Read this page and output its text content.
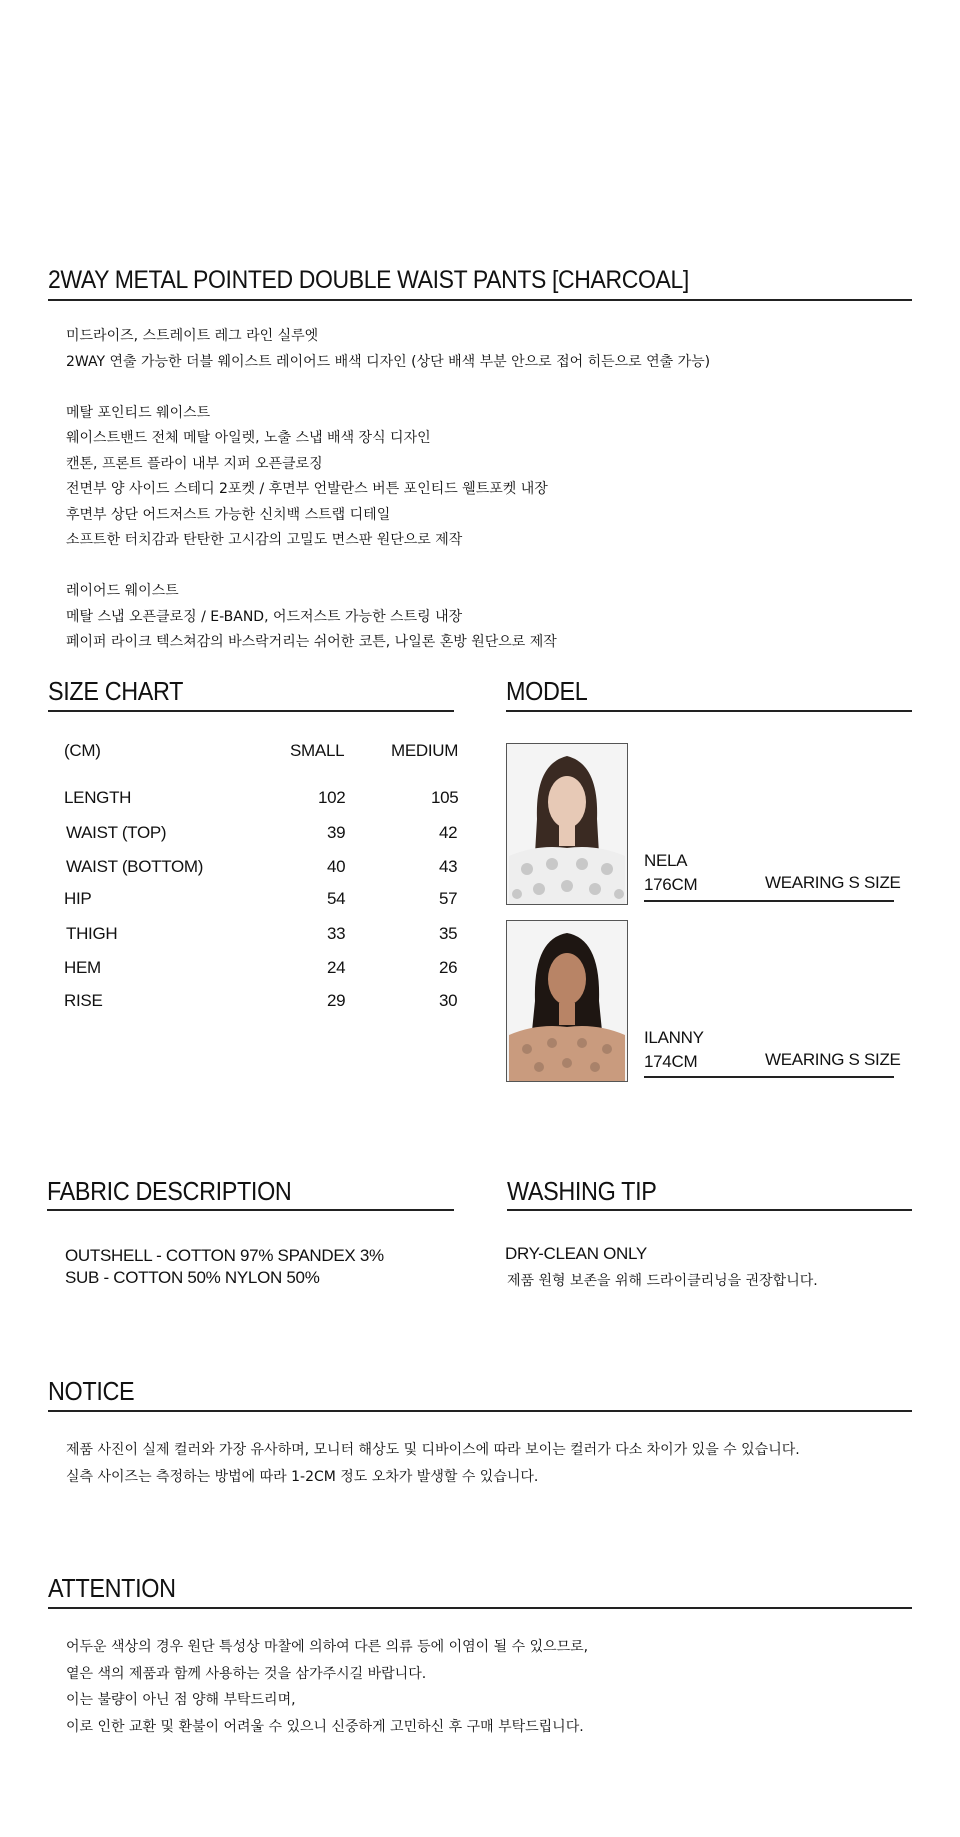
2WAY METAL POINTED DOUBLE WAIST PANTS [CHARCOAL]
미드라이즈, 스트레이트 레그 라인 실루엣
2WAY 연출 가능한 더블 웨이스트 레이어드 배색 디자인 (상단 배색 부분 안으로 접어 히든으로 연출 가능)
메탈 포인티드 웨이스트
웨이스트밴드 전체 메탈 아일렛, 노출 스냅 배색 장식 디자인
캔톤, 프론트 플라이 내부 지퍼 오픈클로징
전면부 양 사이드 스테디 2포켓 / 후면부 언발란스 버튼 포인티드 웰트포켓 내장
후면부 상단 어드저스트 가능한 신치백 스트랩 디테일
소프트한 터치감과 탄탄한 고시감의 고밀도 면스판 원단으로 제작
레이어드 웨이스트
메탈 스냅 오픈클로징 / E-BAND, 어드저스트 가능한 스트링 내장
페이퍼 라이크 텍스쳐감의 바스락거리는 쉬어한 코튼, 나일론 혼방 원단으로 제작
SIZE CHART
(CM)	SMALL	MEDIUM
LENGTH	102	105
WAIST (TOP)	39	42
WAIST (BOTTOM)	40	43
HIP	54	57
THIGH	33	35
HEM	24	26
RISE	29	30
MODEL
NELA
176CM	WEARING S SIZE
ILANNY
174CM	WEARING S SIZE
FABRIC DESCRIPTION
OUTSHELL - COTTON 97% SPANDEX 3%
SUB - COTTON 50% NYLON 50%
WASHING TIP
DRY-CLEAN ONLY
제품 원형 보존을 위해 드라이클리닝을 권장합니다.
NOTICE
제품 사진이 실제 컬러와 가장 유사하며, 모니터 해상도 및 디바이스에 따라 보이는 컬러가 다소 차이가 있을 수 있습니다.
실측 사이즈는 측정하는 방법에 따라 1-2CM 정도 오차가 발생할 수 있습니다.
ATTENTION
어두운 색상의 경우 원단 특성상 마찰에 의하여 다른 의류 등에 이염이 될 수 있으므로,
옅은 색의 제품과 함께 사용하는 것을 삼가주시길 바랍니다.
이는 불량이 아닌 점 양해 부탁드리며,
이로 인한 교환 및 환불이 어려울 수 있으니 신중하게 고민하신 후 구매 부탁드립니다.
